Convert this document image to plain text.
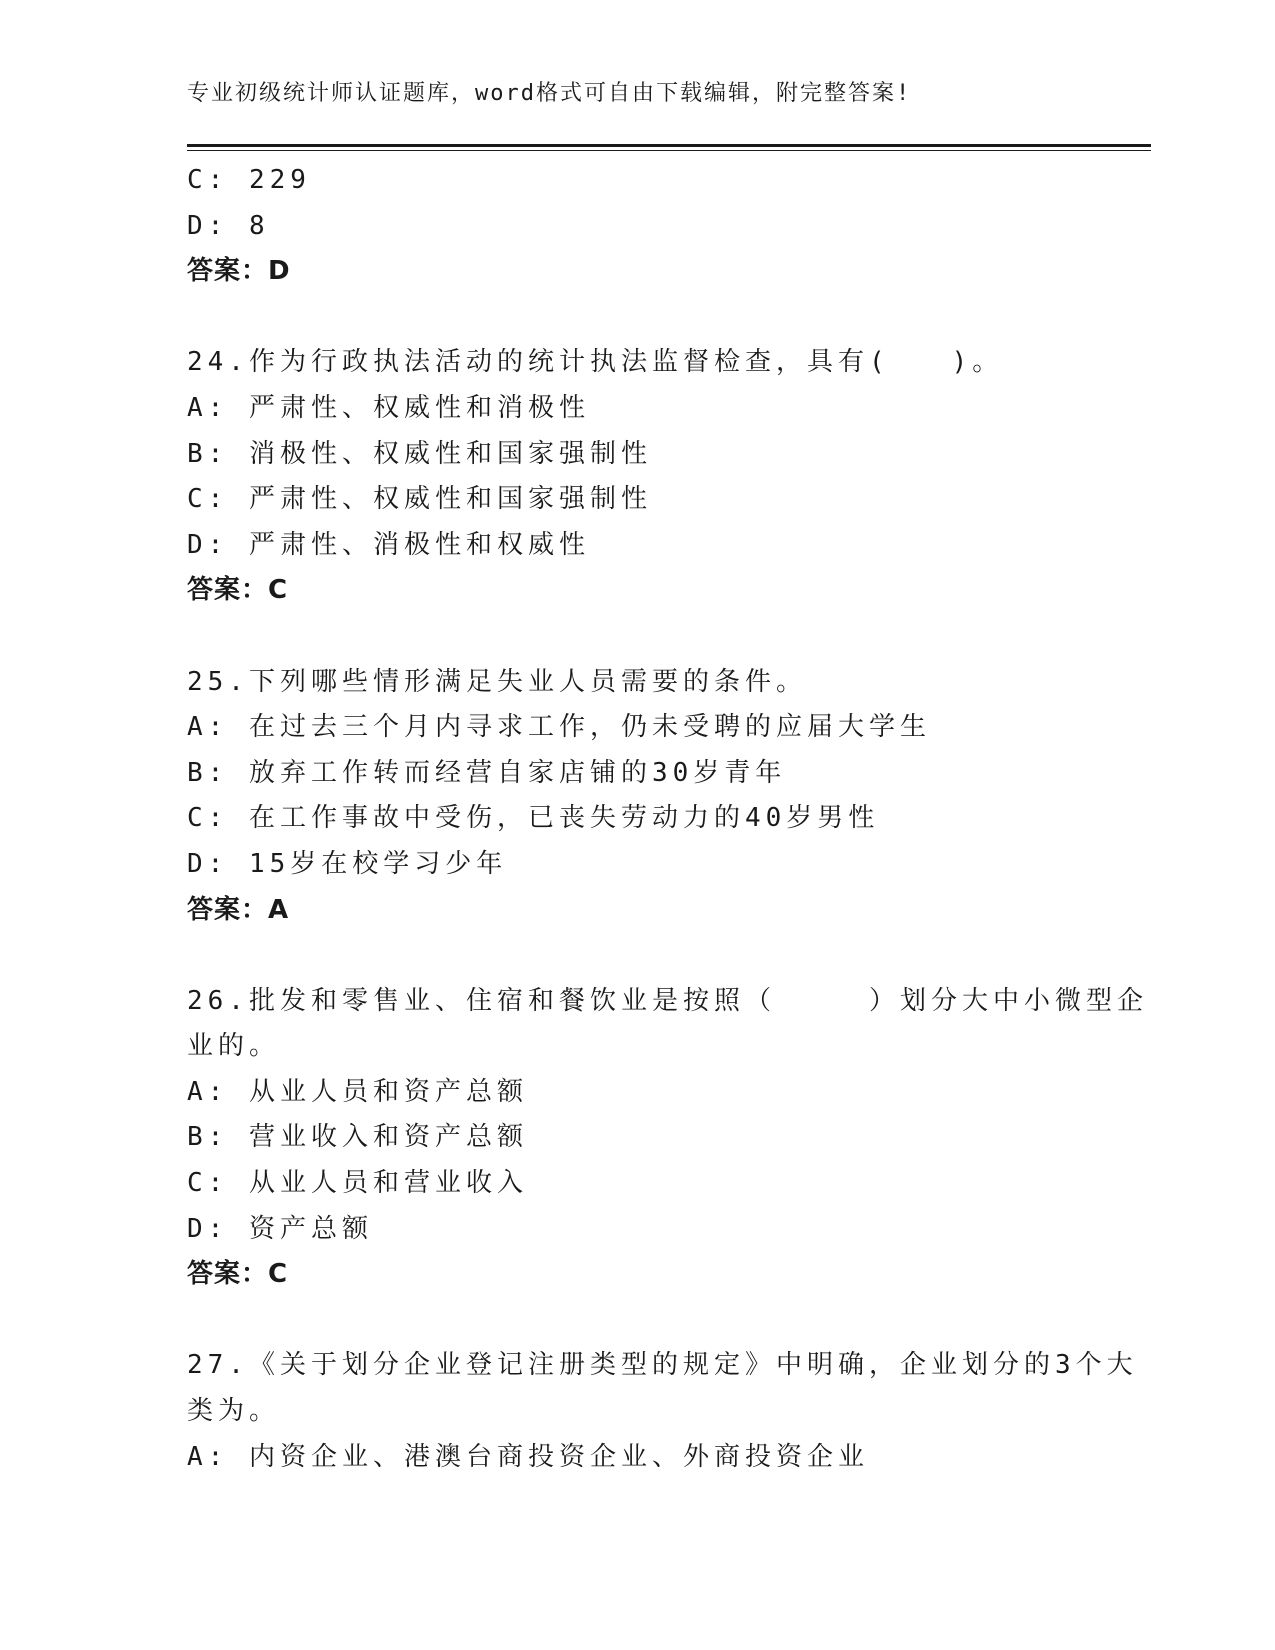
专业初级统计师认证题库，word格式可自由下载编辑，附完整答案!
C: 229
D: 8
答案：D
24.作为行政执法活动的统计执法监督检查，具有(　　)。
A: 严肃性、权威性和消极性
B: 消极性、权威性和国家强制性
C: 严肃性、权威性和国家强制性
D: 严肃性、消极性和权威性
答案：C
25.下列哪些情形满足失业人员需要的条件。
A: 在过去三个月内寻求工作，仍未受聘的应届大学生
B: 放弃工作转而经营自家店铺的30岁青年
C: 在工作事故中受伤，已丧失劳动力的40岁男性
D: 15岁在校学习少年
答案：A
26.批发和零售业、住宿和餐饮业是按照（　　　）划分大中小微型企
业的。
A: 从业人员和资产总额
B: 营业收入和资产总额
C: 从业人员和营业收入
D: 资产总额
答案：C
27.《关于划分企业登记注册类型的规定》中明确，企业划分的3个大
类为。
A: 内资企业、港澳台商投资企业、外商投资企业
